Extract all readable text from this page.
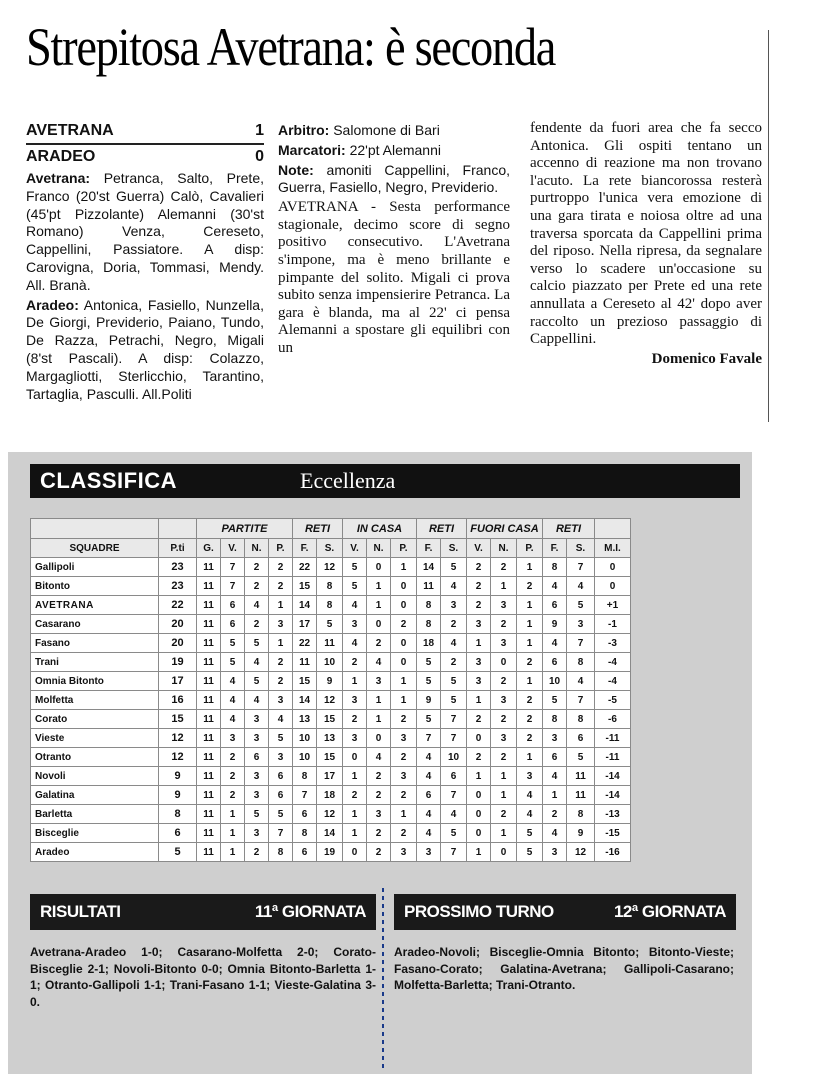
Strepitosa Avetrana: è seconda
AVETRANA	1
ARADEO	0
Avetrana: Petranca, Salto, Prete, Franco (20'st Guerra) Calò, Cavalieri (45'pt Pizzolante) Alemanni (30'st Romano) Venza, Cereseto, Cappellini, Passiatore. A disp: Carovigna, Doria, Tommasi, Mendy. All. Branà.
Aradeo: Antonica, Fasiello, Nunzella, De Giorgi, Previderio, Paiano, Tundo, De Razza, Petrachi, Negro, Migali (8'st Pascali). A disp: Colazzo, Margagliotti, Sterlicchio, Tarantino, Tartaglia, Pasculli. All.Politi
Arbitro: Salomone di Bari
Marcatori: 22'pt Alemanni
Note: amoniti Cappellini, Franco, Guerra, Fasiello, Negro, Previderio.

AVETRANA - Sesta performance stagionale, decimo score di segno positivo consecutivo. L'Avetrana s'impone, ma è meno brillante e pimpante del solito. Migali ci prova subito senza impensierire Petranca. La gara è blanda, ma al 22' ci pensa Alemanni a spostare gli equilibri con un

fendente da fuori area che fa secco Antonica. Gli ospiti tentano un accenno di reazione ma non trovano l'acuto. La rete biancorossa resterà purtroppo l'unica vera emozione di una gara tirata e noiosa oltre ad una traversa sporcata da Cappellini prima del riposo. Nella ripresa, da segnalare verso lo scadere un'occasione su calcio piazzato per Prete ed una rete annullata a Cereseto al 42' dopo aver raccolto un prezioso passaggio di Cappellini.

Domenico Favale
CLASSIFICA	Eccellenza
		PARTITE				RETI		IN CASA			RETI		FUORI CASA			RETI		
SQUADRE	P.ti	G.	V.	N.	P.	F.	S.	V.	N.	P.	F.	S.	V.	N.	P.	F.	S.	M.I.
Gallipoli	23	11	7	2	2	22	12	5	0	1	14	5	2	2	1	8	7	0
Bitonto	23	11	7	2	2	15	8	5	1	0	11	4	2	1	2	4	4	0
AVETRANA	22	11	6	4	1	14	8	4	1	0	8	3	2	3	1	6	5	+1
Casarano	20	11	6	2	3	17	5	3	0	2	8	2	3	2	1	9	3	-1
Fasano	20	11	5	5	1	22	11	4	2	0	18	4	1	3	1	4	7	-3
Trani	19	11	5	4	2	11	10	2	4	0	5	2	3	0	2	6	8	-4
Omnia Bitonto	17	11	4	5	2	15	9	1	3	1	5	5	3	2	1	10	4	-4
Molfetta	16	11	4	4	3	14	12	3	1	1	9	5	1	3	2	5	7	-5
Corato	15	11	4	3	4	13	15	2	1	2	5	7	2	2	2	8	8	-6
Vieste	12	11	3	3	5	10	13	3	0	3	7	7	0	3	2	3	6	-11
Otranto	12	11	2	6	3	10	15	0	4	2	4	10	2	2	1	6	5	-11
Novoli	9	11	2	3	6	8	17	1	2	3	4	6	1	1	3	4	11	-14
Galatina	9	11	2	3	6	7	18	2	2	2	6	7	0	1	4	1	11	-14
Barletta	8	11	1	5	5	6	12	1	3	1	4	4	0	2	4	2	8	-13
Bisceglie	6	11	1	3	7	8	14	1	2	2	4	5	0	1	5	4	9	-15
Aradeo	5	11	1	2	8	6	19	0	2	3	3	7	1	0	5	3	12	-16
RISULTATI	11ª GIORNATA PROSSIMO TURNO	12ª GIORNATA
Avetrana-Aradeo 1-0; Casarano-Molfetta 2-0; Corato-Bisceglie 2-1; Novoli-Bitonto 0-0; Omnia Bitonto-Barletta 1-1; Otranto-Gallipoli 1-1; Trani-Fasano 1-1; Vieste-Galatina 3-0.
Aradeo-Novoli; Bisceglie-Omnia Bitonto; Bitonto-Vieste; Fasano-Corato; Galatina-Avetrana; Gallipoli-Casarano; Molfetta-Barletta; Trani-Otranto.
